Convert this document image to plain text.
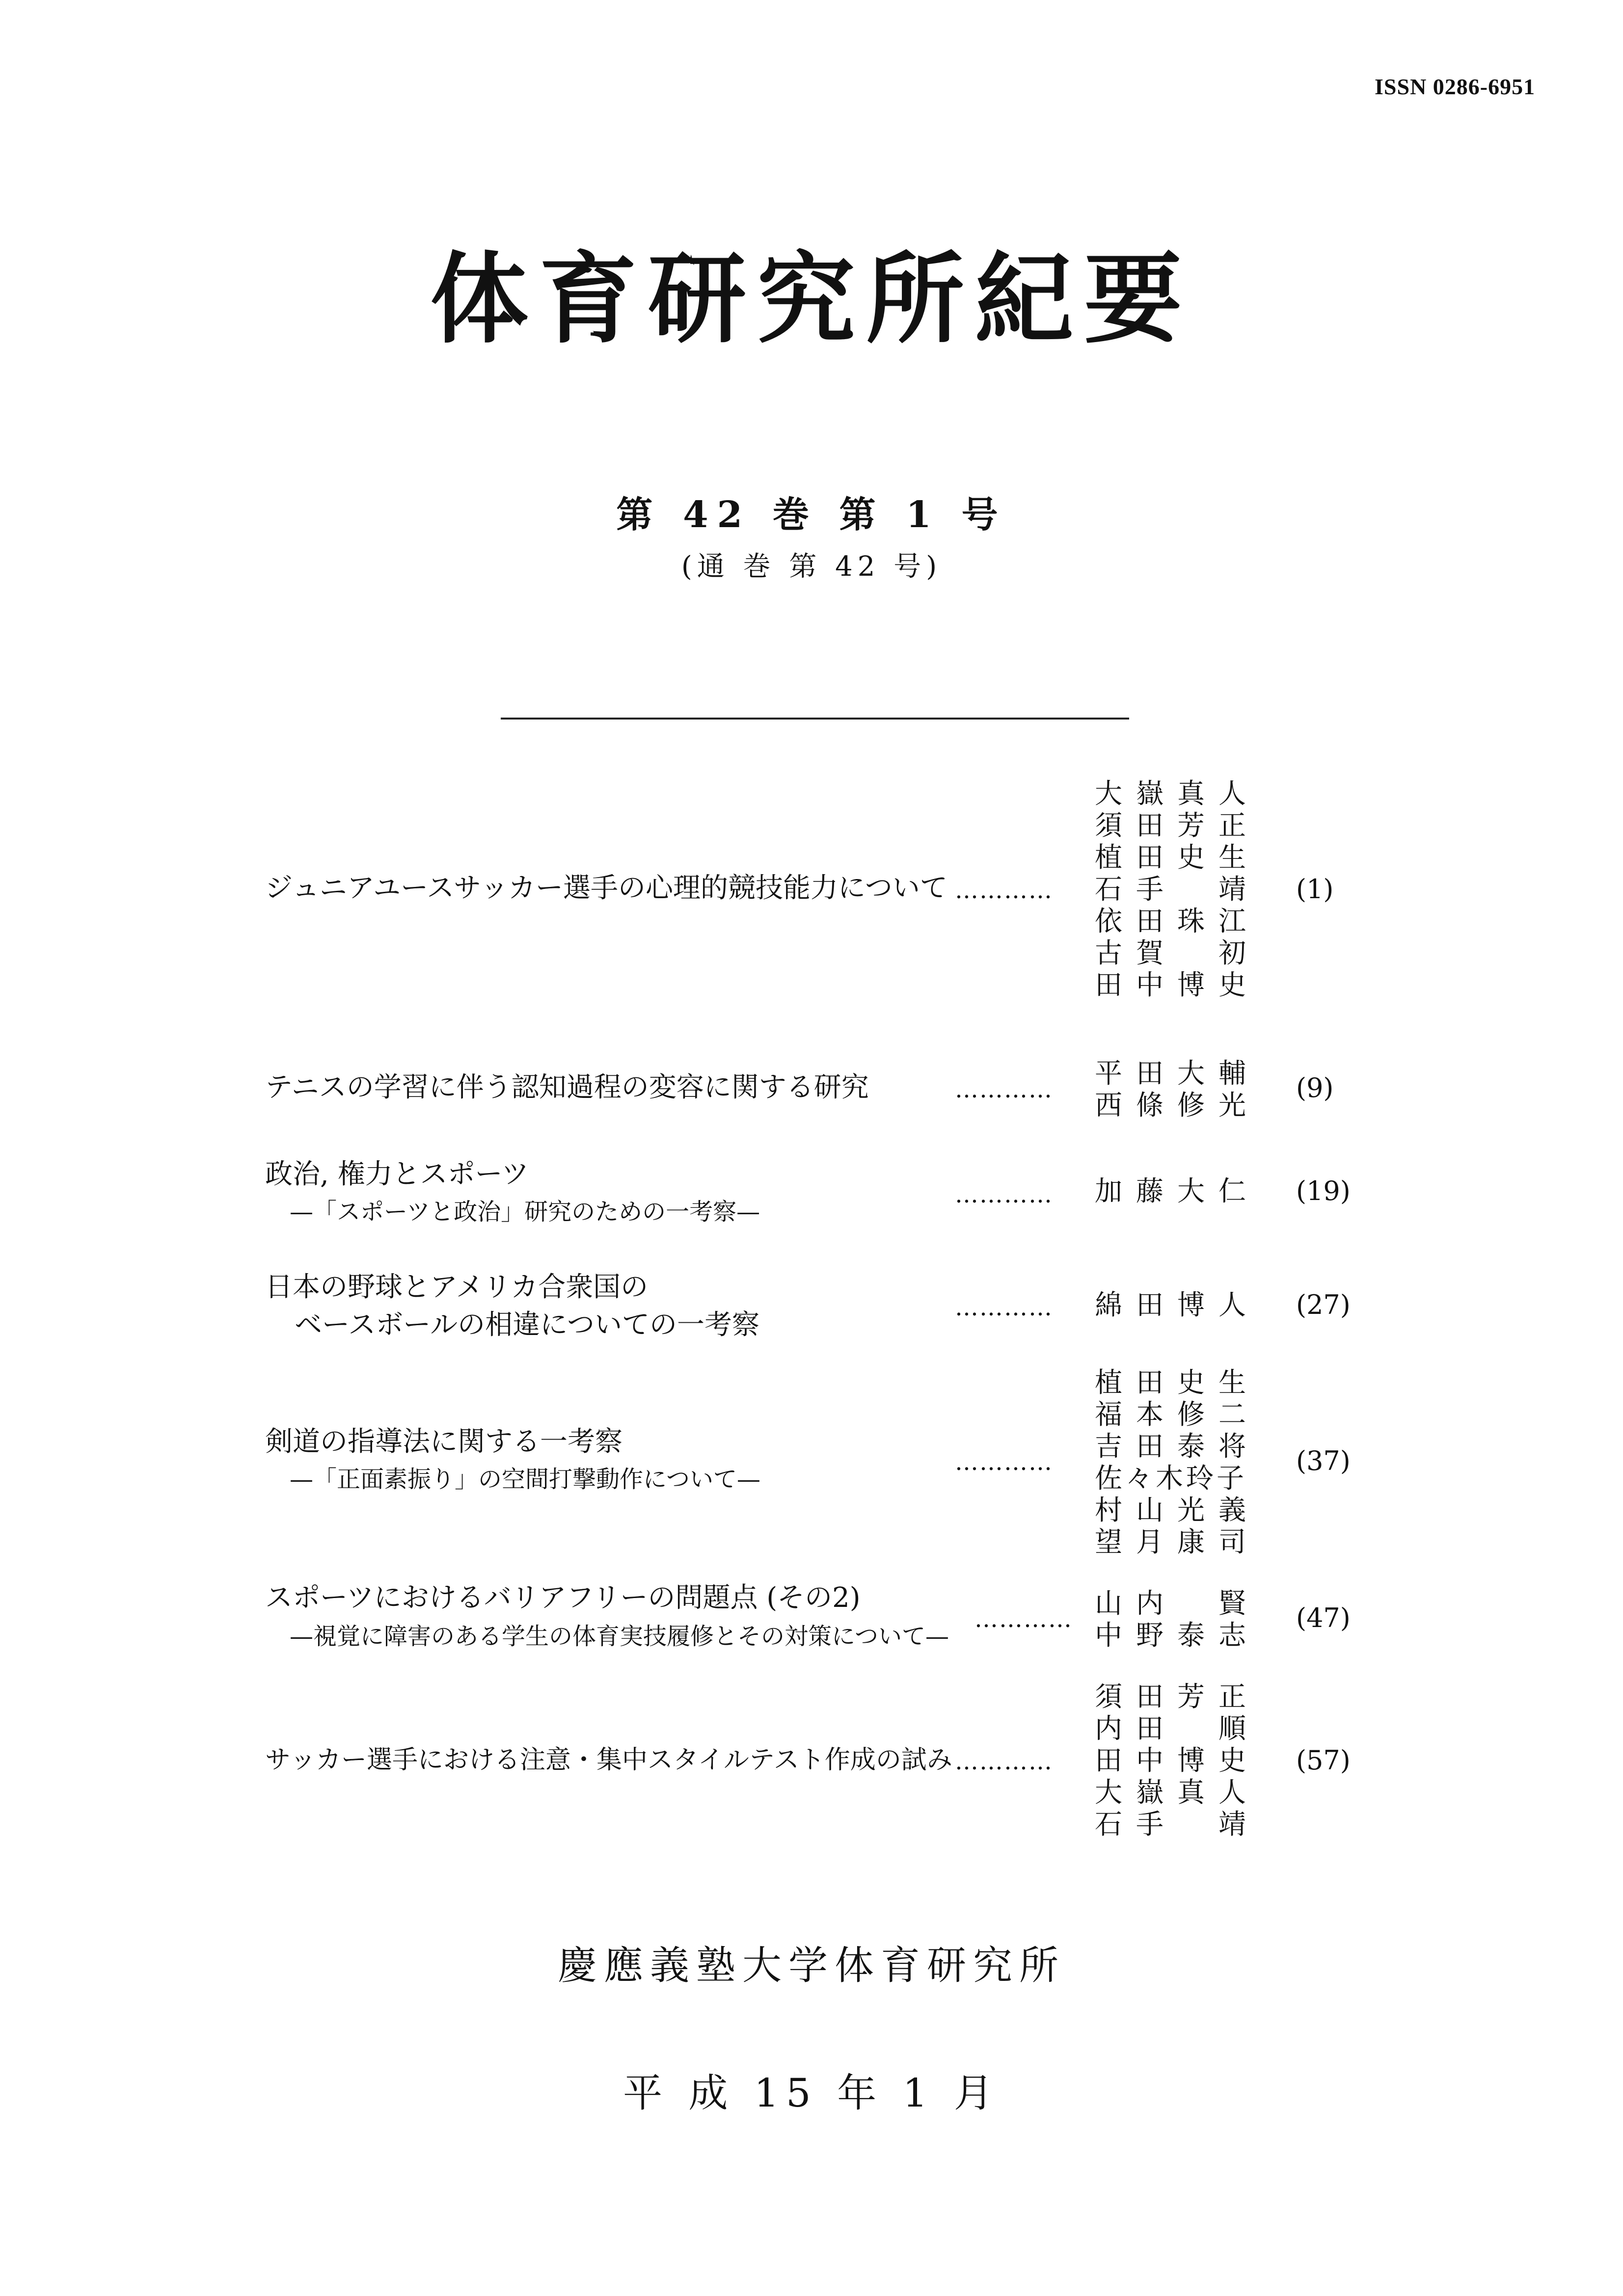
ISSN 0286-6951
体育研究所紀要
第 42 巻 第 1 号
(通 巻 第 42 号)
ジュニアユースサッカー選手の心理的競技能力について …………
大嶽真人
須田芳正
植田史生
石手　靖
依田珠江
古賀　初
田中博史
(1)
テニスの学習に伴う認知過程の変容に関する研究	………… 平田大輔
西條修光
(9)
政治, 権力とスポーツ
—「スポーツと政治」研究のための一考察—
………… 加藤大仁 (19)
日本の野球とアメリカ合衆国の
ベースボールの相違についての一考察
………… 綿田博人 (27)
剣道の指導法に関する一考察
—「正面素振り」の空間打撃動作について—
…………
植田史生
福本修二
吉田泰将
佐々木玲子
村山光義
望月康司
(37)
スポーツにおけるバリアフリーの問題点 (その2)
—視覚に障害のある学生の体育実技履修とその対策について—
………… 山内　賢
中野泰志
(47)
サッカー選手における注意・集中スタイルテスト作成の試み …………
須田芳正
内田　順
田中博史
大嶽真人
石手　靖
(57)
慶應義塾大学体育研究所
平 成 15 年 1 月
